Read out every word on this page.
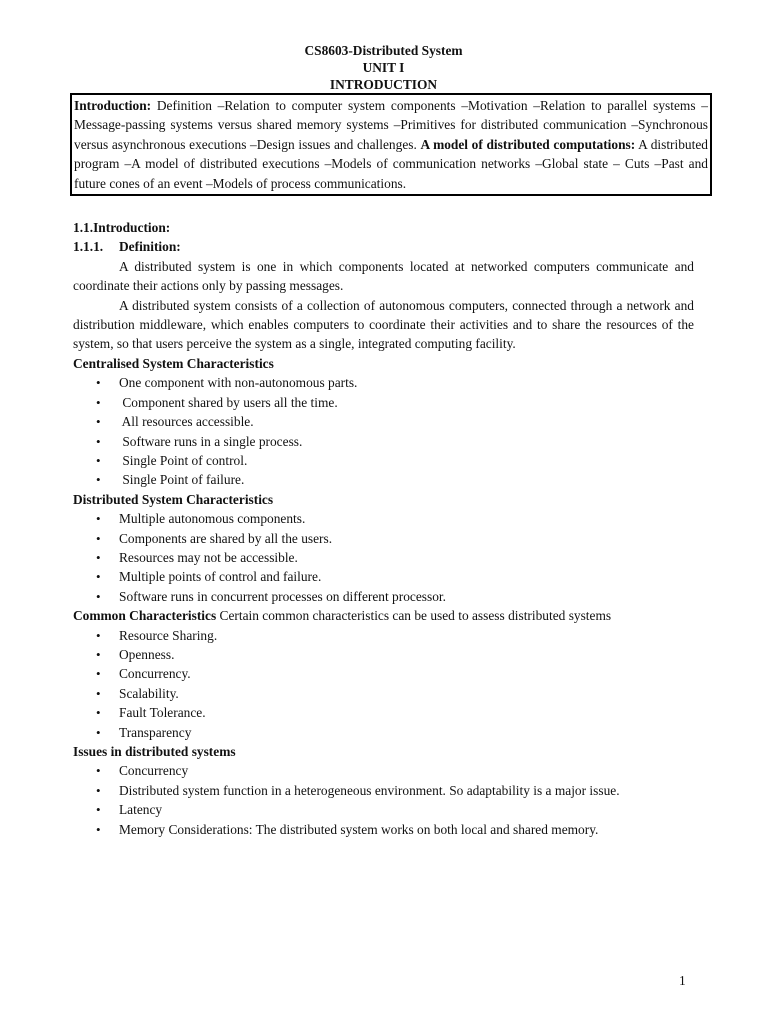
CS8603-Distributed System
UNIT I
INTRODUCTION
Introduction: Definition –Relation to computer system components –Motivation –Relation to parallel systems – Message-passing systems versus shared memory systems –Primitives for distributed communication –Synchronous versus asynchronous executions –Design issues and challenges. A model of distributed computations: A distributed program –A model of distributed executions –Models of communication networks –Global state – Cuts –Past and future cones of an event –Models of process communications.
1.1.Introduction:
1.1.1. Definition:
A distributed system is one in which components located at networked computers communicate and coordinate their actions only by passing messages.
A distributed system consists of a collection of autonomous computers, connected through a network and distribution middleware, which enables computers to coordinate their activities and to share the resources of the system, so that users perceive the system as a single, integrated computing facility.
Centralised System Characteristics
• One component with non-autonomous parts.
• Component shared by users all the time.
• All resources accessible.
• Software runs in a single process.
• Single Point of control.
• Single Point of failure.
Distributed System Characteristics
• Multiple autonomous components.
• Components are shared by all the users.
• Resources may not be accessible.
• Multiple points of control and failure.
• Software runs in concurrent processes on different processor.
Common Characteristics Certain common characteristics can be used to assess distributed systems
• Resource Sharing.
• Openness.
• Concurrency.
• Scalability.
• Fault Tolerance.
• Transparency
Issues in distributed systems
• Concurrency
• Distributed system function in a heterogeneous environment. So adaptability is a major issue.
• Latency
• Memory Considerations: The distributed system works on both local and shared memory.
1
